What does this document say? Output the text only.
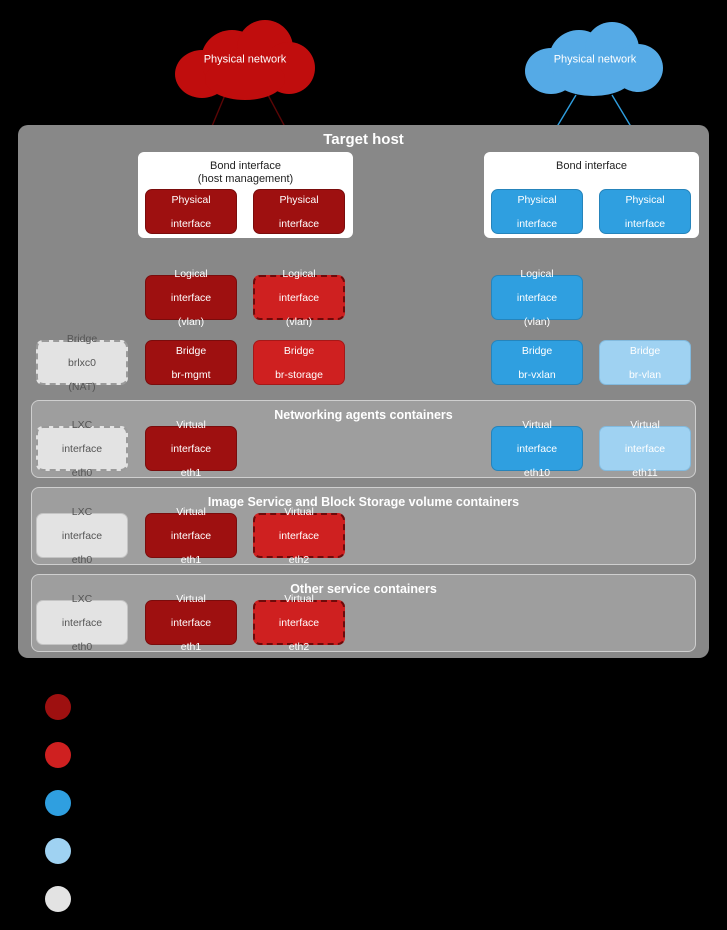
Physical network	Physical network
Target host
Bond interface
(host management)
Bond interface
Physical

interface
Physical

interface
Physical

interface
Physical

interface
Logical

interface

(vlan)
Logical

interface

(vlan)
Logical

interface

(vlan)
Bridge

brlxc0

(NAT)
Bridge

br-mgmt
Bridge

br-storage
Bridge

br-vxlan
Bridge

br-vlan
Networking agents containers
LXC

interface

eth0
Virtual

interface

eth1
Virtual

interface

eth10
Virtual

interface

eth11
Image Service and Block Storage volume containers
LXC

interface

eth0
Virtual

interface

eth1
Virtual

interface

eth2
Other service containers
LXC

interface

eth0
Virtual

interface

eth1
Virtual

interface

eth2
